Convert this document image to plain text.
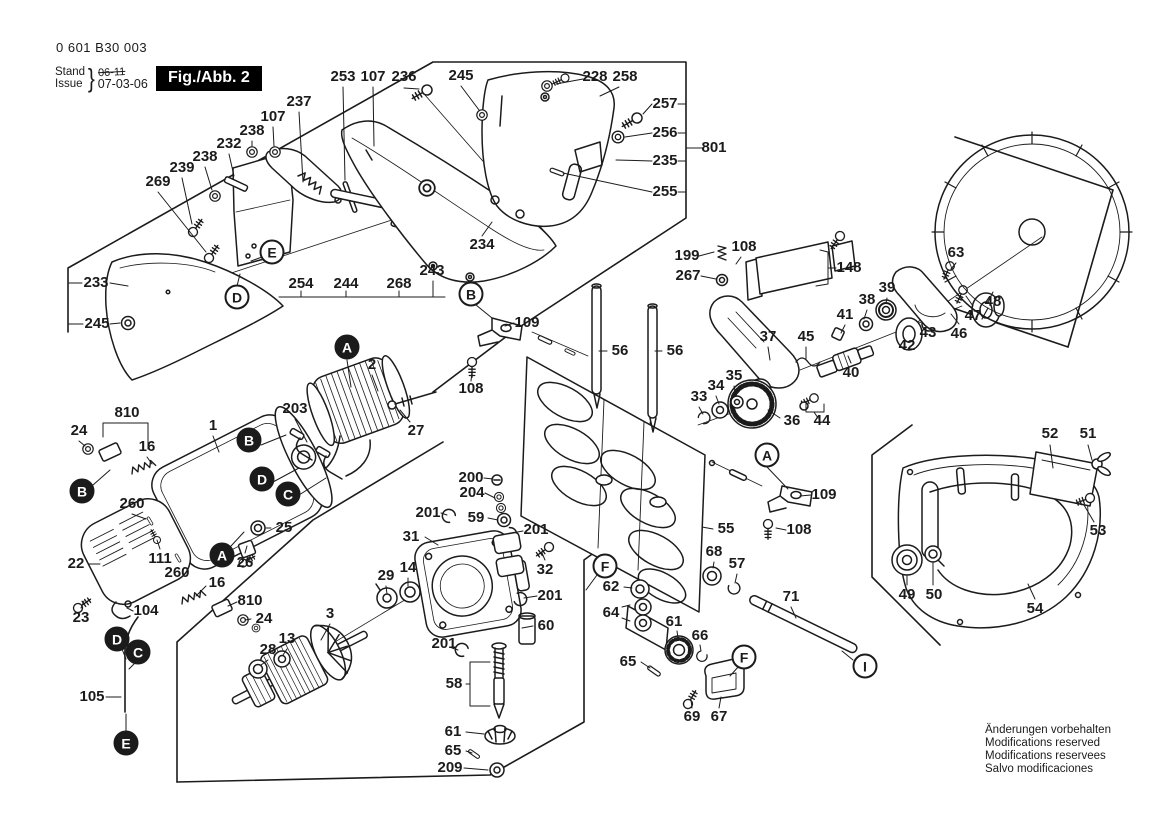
0 601 B30 003
Stand
Issue } 06-11
07-03-06	Fig./Abb. 2	253 107 236 245	228 258
257
256
235
801
255
237
107
238
232
238
239
269
233
245
254 244 268
243
234
2
27
203
1
810
24
16
260
22	111
260
25
26
23	104
16
810
24
105
28
13
3
29 14
31
200
204
201 59
201
32
201
60
201
58
61
65
209
56	56
55
109
108
199
267
108
148
37 45
41
38
39
40
33
34
35
36 44
63
42
43 46
47
48
109
108
52 51
53
54
49 50
68
57
71
62
64
65
61
66
69 67
E
D	B
A
F
F
I
A
B
D
C
B
A
D
C
E
Änderungen vorbehalten
Modifications reserved
Modifications reservees
Salvo modificaciones
